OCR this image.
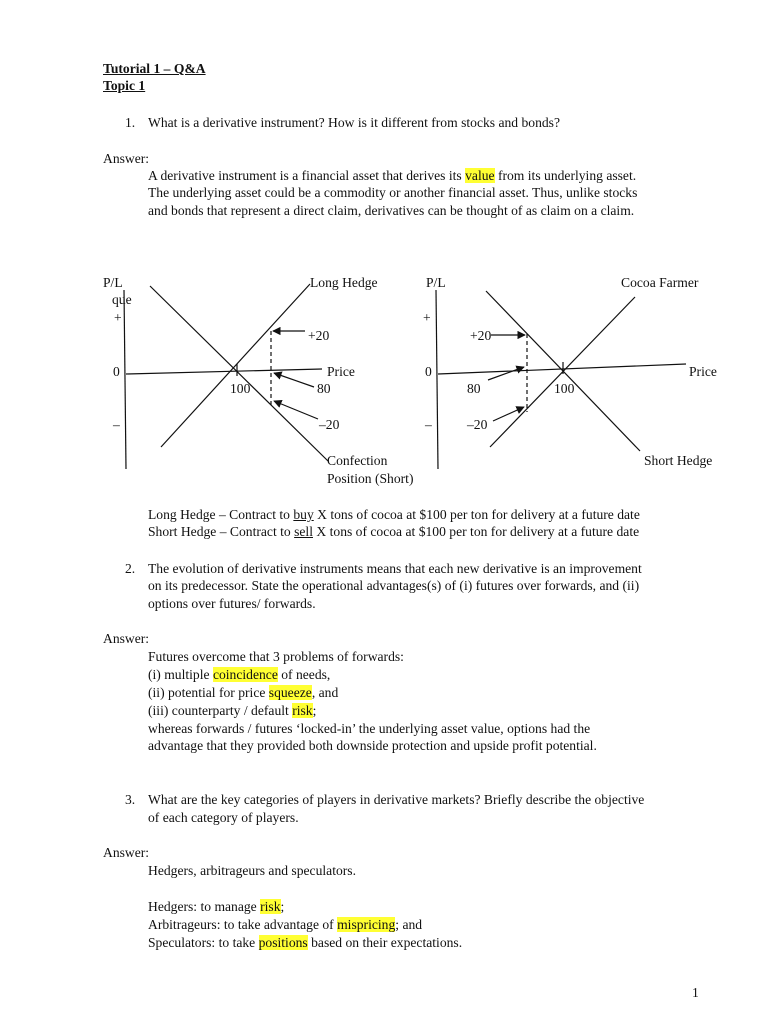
Tutorial 1 – Q&A
Topic 1
1. What is a derivative instrument? How is it different from stocks and bonds?
Answer:
A derivative instrument is a financial asset that derives its value from its underlying asset.
The underlying asset could be a commodity or another financial asset. Thus, unlike stocks
and bonds that represent a direct claim, derivatives can be thought of as claim on a claim.
P/L
que
+
0
–
Long Hedge
+20
Price
100	80
–20
Confection
Position (Short)
P/L	Cocoa Farmer
+
0
–
+20
Price
80	100
–20
Short Hedge
Long Hedge – Contract to buy X tons of cocoa at $100 per ton for delivery at a future date
Short Hedge – Contract to sell X tons of cocoa at $100 per ton for delivery at a future date
2. The evolution of derivative instruments means that each new derivative is an improvement
on its predecessor. State the operational advantages(s) of (i) futures over forwards, and (ii)
options over futures/ forwards.
Answer:
Futures overcome that 3 problems of forwards:
(i) multiple coincidence of needs,
(ii) potential for price squeeze, and
(iii) counterparty / default risk;
whereas forwards / futures ‘locked-in’ the underlying asset value, options had the
advantage that they provided both downside protection and upside profit potential.
3. What are the key categories of players in derivative markets? Briefly describe the objective
of each category of players.
Answer:
Hedgers, arbitrageurs and speculators.
Hedgers: to manage risk;
Arbitrageurs: to take advantage of mispricing; and
Speculators: to take positions based on their expectations.
1
